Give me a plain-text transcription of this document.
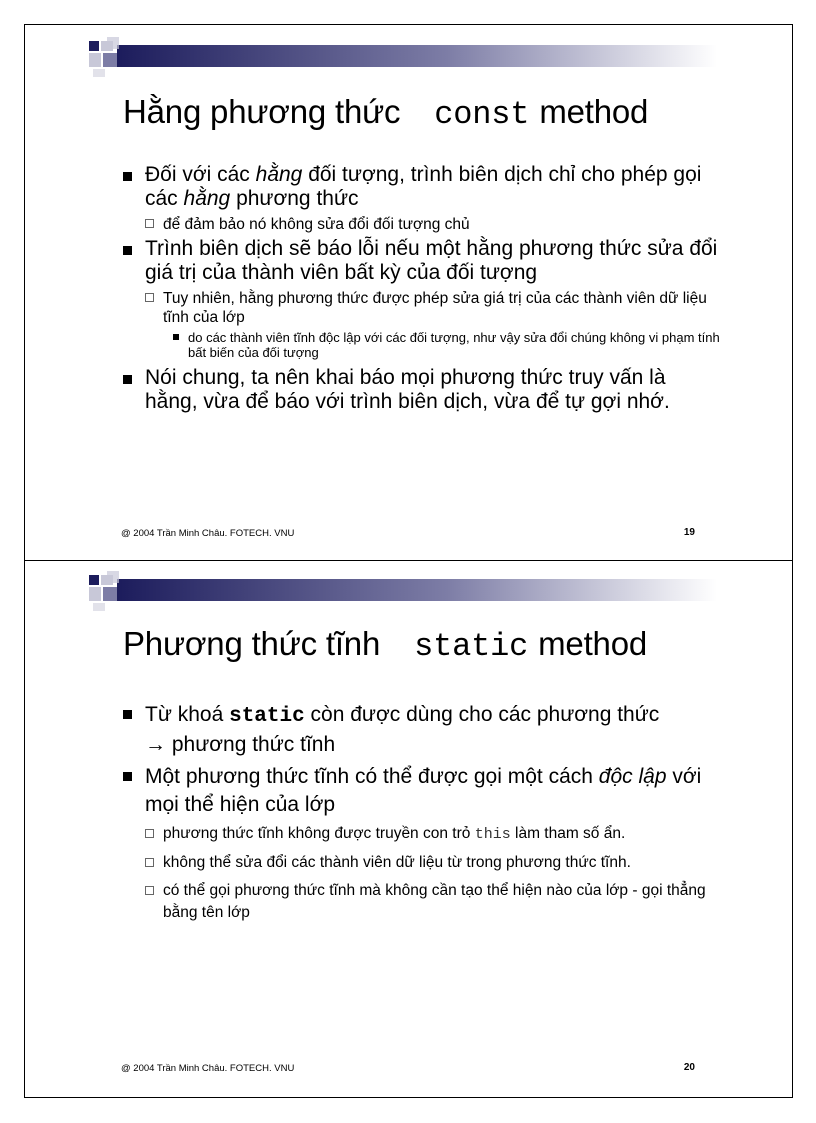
Hằng phương thức const method
Đối với các hằng đối tượng, trình biên dịch chỉ cho phép gọi các hằng phương thức
để đảm bảo nó không sửa đổi đối tượng chủ
Trình biên dịch sẽ báo lỗi nếu một hằng phương thức sửa đổi giá trị của thành viên bất kỳ của đối tượng
Tuy nhiên, hằng phương thức được phép sửa giá trị của các thành viên dữ liệu tĩnh của lớp
do các thành viên tĩnh độc lập với các đối tượng, như vậy sửa đổi chúng không vi phạm tính bất biến của đối tượng
Nói chung, ta nên khai báo mọi phương thức truy vấn là hằng, vừa để báo với trình biên dịch, vừa để tự gợi nhớ.
@ 2004 Trần Minh Châu. FOTECH. VNU	19
Phương thức tĩnh static method
Từ khoá static còn được dùng cho các phương thức
→ phương thức tĩnh
Một phương thức tĩnh có thể được gọi một cách độc lập với mọi thể hiện của lớp
phương thức tĩnh không được truyền con trỏ this làm tham số ẩn.
không thể sửa đổi các thành viên dữ liệu từ trong phương thức tĩnh.
có thể gọi phương thức tĩnh mà không cần tạo thể hiện nào của lớp - gọi thẳng bằng tên lớp
@ 2004 Trần Minh Châu. FOTECH. VNU	20
